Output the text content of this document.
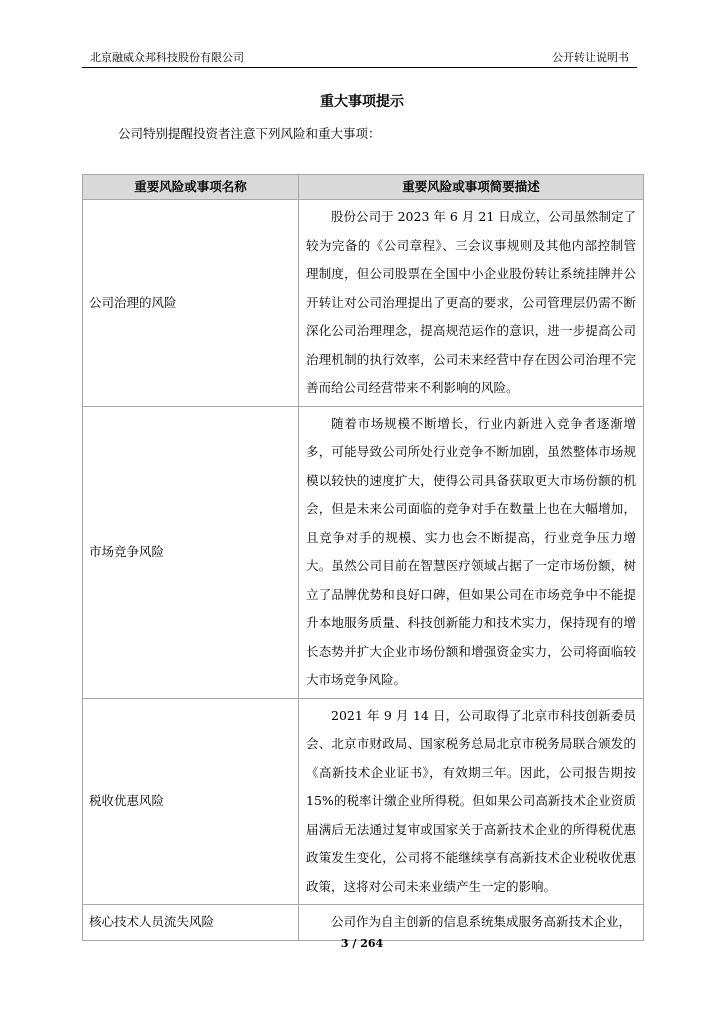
北京融威众邦科技股份有限公司	公开转让说明书
重大事项提示
公司特别提醒投资者注意下列风险和重大事项：
重要风险或事项名称	重要风险或事项简要描述
公司治理的风险	股份公司于 2023 年 6 月 21 日成立，公司虽然制定了较为完备的《公司章程》、三会议事规则及其他内部控制管理制度，但公司股票在全国中小企业股份转让系统挂牌并公开转让对公司治理提出了更高的要求，公司管理层仍需不断深化公司治理理念，提高规范运作的意识，进一步提高公司治理机制的执行效率，公司未来经营中存在因公司治理不完善而给公司经营带来不利影响的风险。
市场竞争风险	随着市场规模不断增长，行业内新进入竞争者逐渐增多，可能导致公司所处行业竞争不断加剧，虽然整体市场规模以较快的速度扩大，使得公司具备获取更大市场份额的机会，但是未来公司面临的竞争对手在数量上也在大幅增加，且竞争对手的规模、实力也会不断提高，行业竞争压力增大。虽然公司目前在智慧医疗领域占据了一定市场份额，树立了品牌优势和良好口碑，但如果公司在市场竞争中不能提升本地服务质量、科技创新能力和技术实力，保持现有的增长态势并扩大企业市场份额和增强资金实力，公司将面临较大市场竞争风险。
税收优惠风险	2021 年 9 月 14 日，公司取得了北京市科技创新委员会、北京市财政局、国家税务总局北京市税务局联合颁发的《高新技术企业证书》，有效期三年。因此，公司报告期按 15%的税率计缴企业所得税。但如果公司高新技术企业资质届满后无法通过复审或国家关于高新技术企业的所得税优惠政策发生变化，公司将不能继续享有高新技术企业税收优惠政策，这将对公司未来业绩产生一定的影响。
核心技术人员流失风险	公司作为自主创新的信息系统集成服务高新技术企业，
3 / 264
